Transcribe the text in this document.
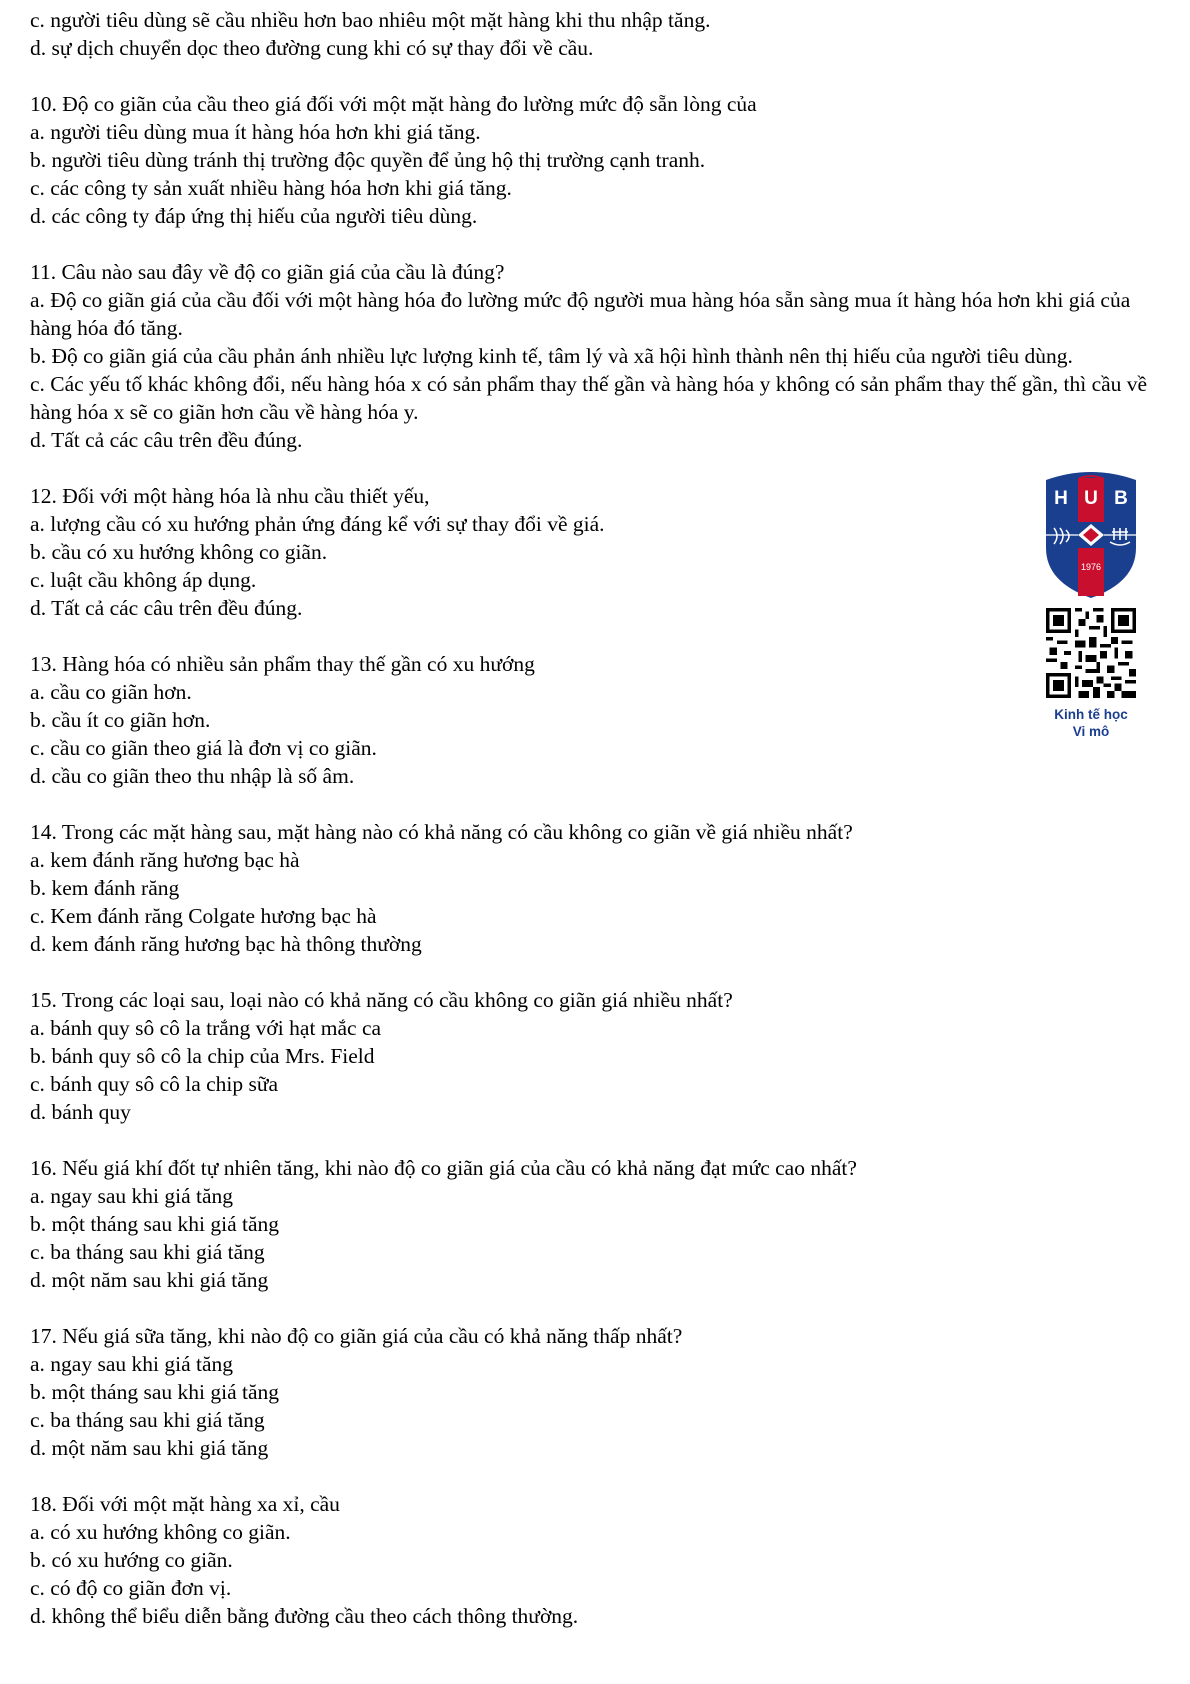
c. người tiêu dùng sẽ cầu nhiều hơn bao nhiêu một mặt hàng khi thu nhập tăng.
d. sự dịch chuyển dọc theo đường cung khi có sự thay đổi về cầu.
10. Độ co giãn của cầu theo giá đối với một mặt hàng đo lường mức độ sẵn lòng của
a. người tiêu dùng mua ít hàng hóa hơn khi giá tăng.
b. người tiêu dùng tránh thị trường độc quyền để ủng hộ thị trường cạnh tranh.
c. các công ty sản xuất nhiều hàng hóa hơn khi giá tăng.
d. các công ty đáp ứng thị hiếu của người tiêu dùng.
11. Câu nào sau đây về độ co giãn giá của cầu là đúng?
a. Độ co giãn giá của cầu đối với một hàng hóa đo lường mức độ người mua hàng hóa sẵn sàng mua ít hàng hóa hơn khi giá của hàng hóa đó tăng.
b. Độ co giãn giá của cầu phản ánh nhiều lực lượng kinh tế, tâm lý và xã hội hình thành nên thị hiếu của người tiêu dùng.
c. Các yếu tố khác không đổi, nếu hàng hóa x có sản phẩm thay thế gần và hàng hóa y không có sản phẩm thay thế gần, thì cầu về hàng hóa x sẽ co giãn hơn cầu về hàng hóa y.
d. Tất cả các câu trên đều đúng.
12. Đối với một hàng hóa là nhu cầu thiết yếu,
a. lượng cầu có xu hướng phản ứng đáng kể với sự thay đổi về giá.
b. cầu có xu hướng không co giãn.
c. luật cầu không áp dụng.
d. Tất cả các câu trên đều đúng.
13. Hàng hóa có nhiều sản phẩm thay thế gần có xu hướng
a. cầu co giãn hơn.
b. cầu ít co giãn hơn.
c. cầu co giãn theo giá là đơn vị co giãn.
d. cầu co giãn theo thu nhập là số âm.
14. Trong các mặt hàng sau, mặt hàng nào có khả năng có cầu không co giãn về giá nhiều nhất?
a. kem đánh răng hương bạc hà
b. kem đánh răng
c. Kem đánh răng Colgate hương bạc hà
d. kem đánh răng hương bạc hà thông thường
15. Trong các loại sau, loại nào có khả năng có cầu không co giãn giá nhiều nhất?
a. bánh quy sô cô la trắng với hạt mắc ca
b. bánh quy sô cô la chip của Mrs. Field
c. bánh quy sô cô la chip sữa
d. bánh quy
16. Nếu giá khí đốt tự nhiên tăng, khi nào độ co giãn giá của cầu có khả năng đạt mức cao nhất?
a. ngay sau khi giá tăng
b. một tháng sau khi giá tăng
c. ba tháng sau khi giá tăng
d. một năm sau khi giá tăng
17. Nếu giá sữa tăng, khi nào độ co giãn giá của cầu có khả năng thấp nhất?
a. ngay sau khi giá tăng
b. một tháng sau khi giá tăng
c. ba tháng sau khi giá tăng
d. một năm sau khi giá tăng
18. Đối với một mặt hàng xa xỉ, cầu
a. có xu hướng không co giãn.
b. có xu hướng co giãn.
c. có độ co giãn đơn vị.
d. không thể biểu diễn bằng đường cầu theo cách thông thường.
H U B
1976
Kinh tế học
Vi mô
